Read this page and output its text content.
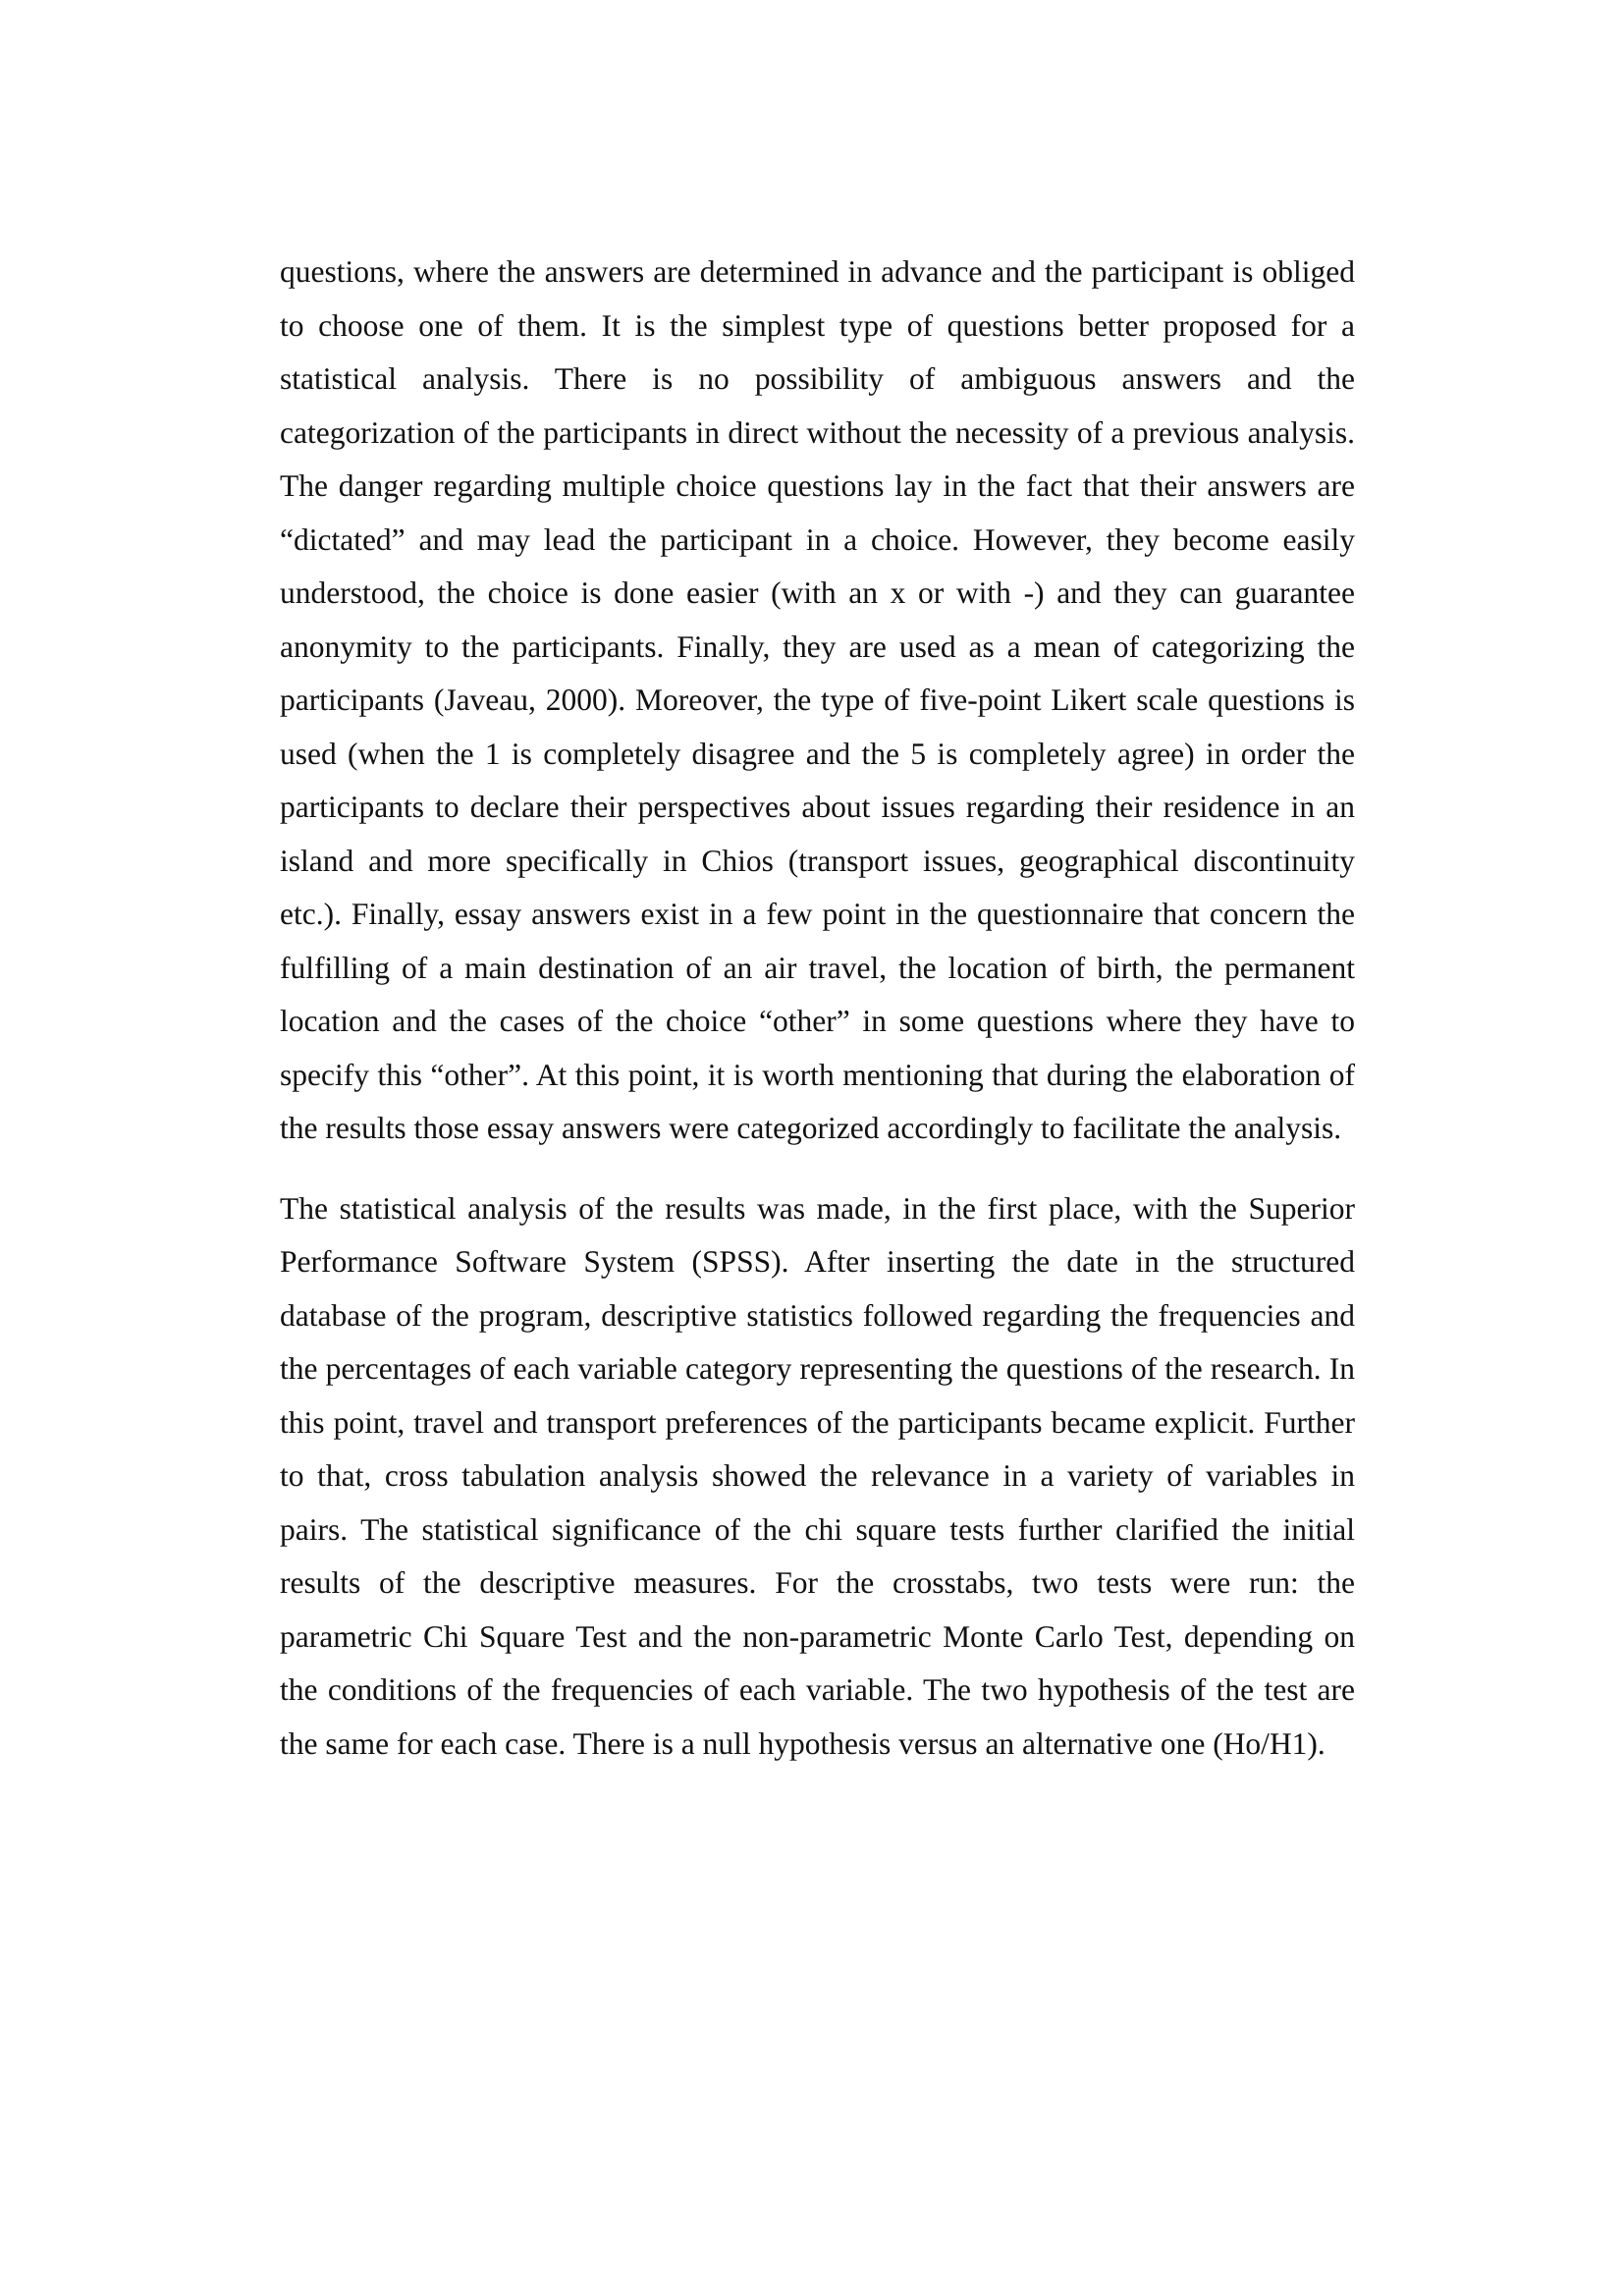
questions, where the answers are determined in advance and the participant is obliged to choose one of them. It is the simplest type of questions better proposed for a statistical analysis. There is no possibility of ambiguous answers and the categorization of the participants in direct without the necessity of a previous analysis. The danger regarding multiple choice questions lay in the fact that their answers are “dictated” and may lead the participant in a choice. However, they become easily understood, the choice is done easier (with an x or with -) and they can guarantee anonymity to the participants. Finally, they are used as a mean of categorizing the participants (Javeau, 2000). Moreover, the type of five-point Likert scale questions is used (when the 1 is completely disagree and the 5 is completely agree) in order the participants to declare their perspectives about issues regarding their residence in an island and more specifically in Chios (transport issues, geographical discontinuity etc.). Finally, essay answers exist in a few point in the questionnaire that concern the fulfilling of a main destination of an air travel, the location of birth, the permanent location and the cases of the choice “other” in some questions where they have to specify this “other”. At this point, it is worth mentioning that during the elaboration of the results those essay answers were categorized accordingly to facilitate the analysis.

The statistical analysis of the results was made, in the first place, with the Superior Performance Software System (SPSS). After inserting the date in the structured database of the program, descriptive statistics followed regarding the frequencies and the percentages of each variable category representing the questions of the research. In this point, travel and transport preferences of the participants became explicit. Further to that, cross tabulation analysis showed the relevance in a variety of variables in pairs. The statistical significance of the chi square tests further clarified the initial results of the descriptive measures. For the crosstabs, two tests were run: the parametric Chi Square Test and the non-parametric Monte Carlo Test, depending on the conditions of the frequencies of each variable. The two hypothesis of the test are the same for each case. There is a null hypothesis versus an alternative one (Ho/H1).
